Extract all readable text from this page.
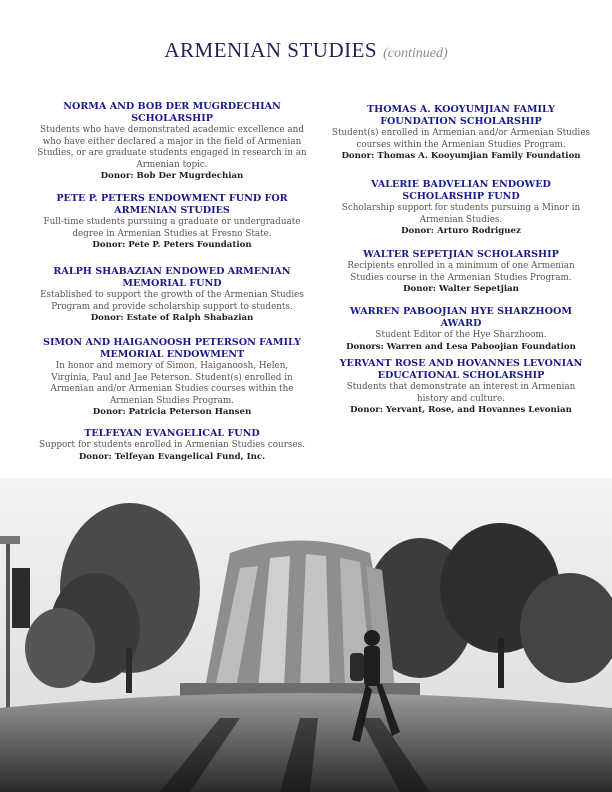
ARMENIAN STUDIES (continued)
NORMA AND BOB DER MUGRDECHIAN SCHOLARSHIP
Students who have demonstrated academic excellence and who have either declared a major in the field of Armenian Studies, or are graduate students engaged in research in an Armenian topic.
Donor: Bob Der Mugrdechian
PETE P. PETERS ENDOWMENT FUND FOR ARMENIAN STUDIES
Full-time students pursuing a graduate or undergraduate degree in Armenian Studies at Fresno State.
Donor: Pete P. Peters Foundation
RALPH SHABAZIAN ENDOWED ARMENIAN MEMORIAL FUND
Established to support the growth of the Armenian Studies Program and provide scholarship support to students.
Donor: Estate of Ralph Shabazian
SIMON AND HAIGANOOSH PETERSON FAMILY MEMORIAL ENDOWMENT
In honor and memory of Simon, Haiganoosh, Helen, Virginia, Paul and Jae Peterson. Student(s) enrolled in Armenian and/or Armenian Studies courses within the Armenian Studies Program.
Donor: Patricia Peterson Hansen
TELFEYAN EVANGELICAL FUND
Support for students enrolled in Armenian Studies courses.
Donor: Telfeyan Evangelical Fund, Inc.
THOMAS A. KOOYUMJIAN FAMILY FOUNDATION SCHOLARSHIP
Student(s) enrolled in Armenian and/or Armenian Studies courses within the Armenian Studies Program.
Donor: Thomas A. Kooyumjian Family Foundation
VALERIE BADVELIAN ENDOWED SCHOLARSHIP FUND
Scholarship support for students pursuing a Minor in Armenian Studies.
Donor: Arturo Rodriguez
WALTER SEPETJIAN SCHOLARSHIP
Recipients enrolled in a minimum of one Armenian Studies course in the Armenian Studies Program.
Donor: Walter Sepetjian
WARREN PABOOJIAN HYE SHARZHOOM AWARD
Student Editor of the Hye Sharzhoom.
Donors: Warren and Lesa Paboojian Foundation
YERVANT ROSE AND HOVANNES LEVONIAN EDUCATIONAL SCHOLARSHIP
Students that demonstrate an interest in Armenian history and culture.
Donor: Yervant, Rose, and Hovannes Levonian
